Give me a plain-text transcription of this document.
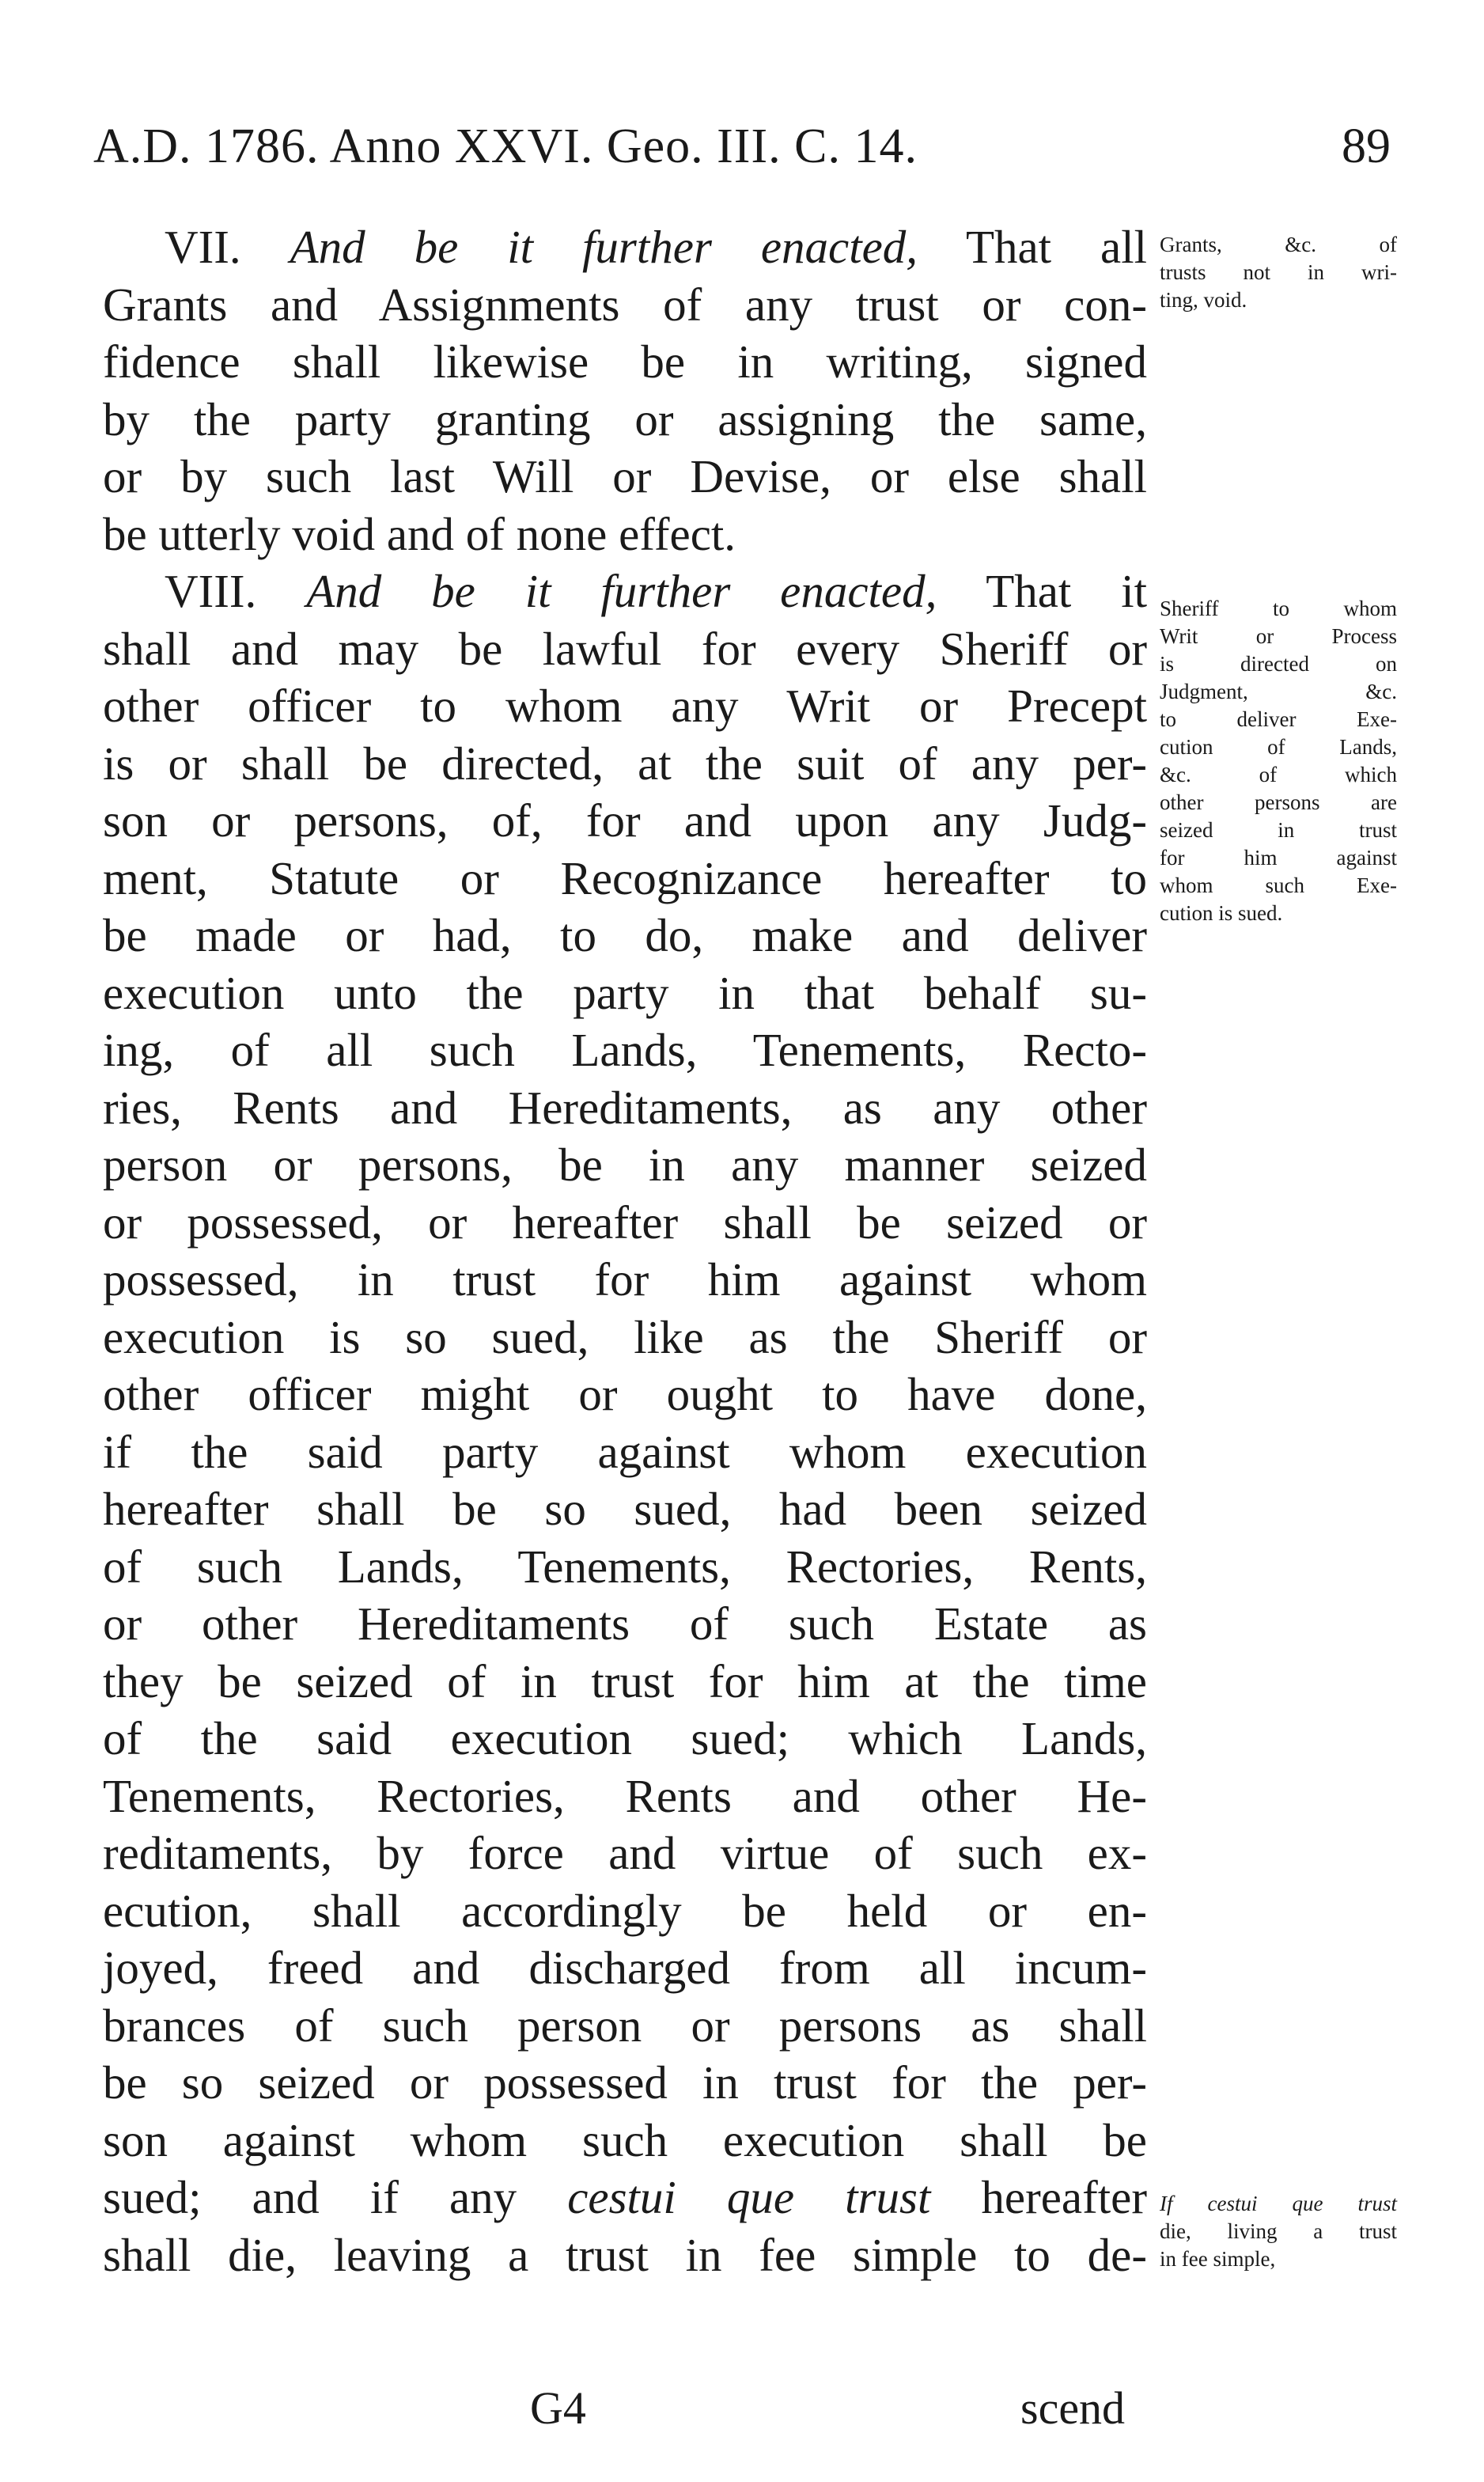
A.D. 1786. Anno XXVI. Geo. III. C. 14.	89
VII. And be it further enacted, That all
Grants and Assignments of any trust or con-
fidence shall likewise be in writing, signed
by the party granting or assigning the same,
or by such last Will or Devise, or else shall
be utterly void and of none effect.
VIII. And be it further enacted, That it
shall and may be lawful for every Sheriff or
other officer to whom any Writ or Precept
is or shall be directed, at the suit of any per-
son or persons, of, for and upon any Judg-
ment, Statute or Recognizance hereafter to
be made or had, to do, make and deliver
execution unto the party in that behalf su-
ing, of all such Lands, Tenements, Recto-
ries, Rents and Hereditaments, as any other
person or persons, be in any manner seized
or possessed, or hereafter shall be seized or
possessed, in trust for him against whom
execution is so sued, like as the Sheriff or
other officer might or ought to have done,
if the said party against whom execution
hereafter shall be so sued, had been seized
of such Lands, Tenements, Rectories, Rents,
or other Hereditaments of such Estate as
they be seized of in trust for him at the time
of the said execution sued; which Lands,
Tenements, Rectories, Rents and other He-
reditaments, by force and virtue of such ex-
ecution, shall accordingly be held or en-
joyed, freed and discharged from all incum-
brances of such person or persons as shall
be so seized or possessed in trust for the per-
son against whom such execution shall be
sued; and if any cestui que trust hereafter
shall die, leaving a trust in fee simple to de-
Grants, &c. of
trusts not in wri-
ting, void.
Sheriff to whom
Writ or Process
is directed on
Judgment, &c.
to deliver Exe-
cution of Lands,
&c. of which
other persons are
seized in trust
for him against
whom such Exe-
cution is sued.
If cestui que trust
die, living a trust
in fee simple,
G4	scend
